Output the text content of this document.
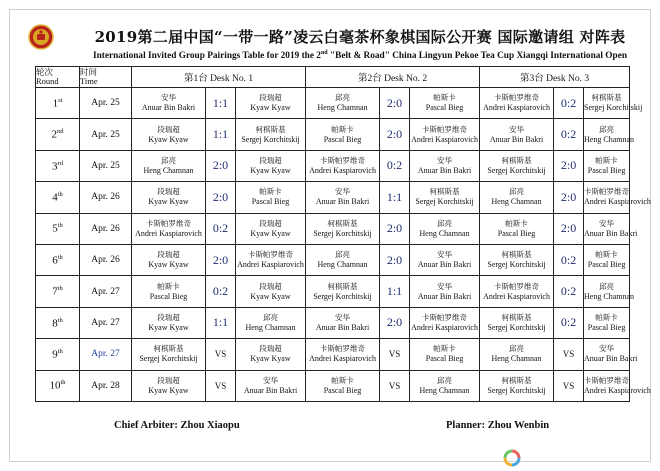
2019第二届中国“一带一路”凌云白毫茶杯象棋国际公开赛 国际邀请组 对阵表
International Invited Group Pairings Table for 2019 the 2nd "Belt & Road" China Lingyun Pekoe Tea Cup Xiangqi International Open
轮次
Round	时间
Time	第1台 Desk No. 1			第2台 Desk No. 2			第3台 Desk No. 3		
1st	Apr. 25	安华
Anuar Bin Bakri	1:1	段瑞超
Kyaw Kyaw	邱亮
Heng Chamnan	2:0	帕斯卡
Pascal Bieg	卡斯帕罗维奇
Andrei Kaspiarovich	0:2	柯棋斯基
Sergej Korchitskij

2nd	Apr. 25	段瑞超
Kyaw Kyaw	1:1	柯棋斯基
Sergej Korchitskij	帕斯卡
Pascal Bieg	2:0	卡斯帕罗维奇
Andrei Kaspiarovich	安华
Anuar Bin Bakri	0:2	邱亮
Heng Chamnan

3rd	Apr. 25	邱亮
Heng Chamnan	2:0	段瑞超
Kyaw Kyaw	卡斯帕罗维奇
Andrei Kaspiarovich	0:2	安华
Anuar Bin Bakri	柯棋斯基
Sergej Korchitskij	2:0	帕斯卡
Pascal Bieg

4th	Apr. 26	段瑞超
Kyaw Kyaw	2:0	帕斯卡
Pascal Bieg	安华
Anuar Bin Bakri	1:1	柯棋斯基
Sergej Korchitskij	邱亮
Heng Chamnan	2:0	卡斯帕罗维奇
Andrei Kaspiarovich

5th	Apr. 26	卡斯帕罗维奇
Andrei Kaspiarovich	0:2	段瑞超
Kyaw Kyaw	柯棋斯基
Sergej Korchitskij	2:0	邱亮
Heng Chamnan	帕斯卡
Pascal Bieg	2:0	安华
Anuar Bin Bakri

6th	Apr. 26	段瑞超
Kyaw Kyaw	2:0	卡斯帕罗维奇
Andrei Kaspiarovich	邱亮
Heng Chamnan	2:0	安华
Anuar Bin Bakri	柯棋斯基
Sergej Korchitskij	0:2	帕斯卡
Pascal Bieg

7th	Apr. 27	帕斯卡
Pascal Bieg	0:2	段瑞超
Kyaw Kyaw	柯棋斯基
Sergej Korchitskij	1:1	安华
Anuar Bin Bakri	卡斯帕罗维奇
Andrei Kaspiarovich	0:2	邱亮
Heng Chamnan

8th	Apr. 27	段瑞超
Kyaw Kyaw	1:1	邱亮
Heng Chamnan	安华
Anuar Bin Bakri	2:0	卡斯帕罗维奇
Andrei Kaspiarovich	柯棋斯基
Sergej Korchitskij	0:2	帕斯卡
Pascal Bieg

9th	Apr. 27	柯棋斯基
Sergej Korchitskij	VS	段瑞超
Kyaw Kyaw	卡斯帕罗维奇
Andrei Kaspiarovich	VS	帕斯卡
Pascal Bieg	邱亮
Heng Chamnan	VS	安华
Anuar Bin Bakri

10th	Apr. 28	段瑞超
Kyaw Kyaw	VS	安华
Anuar Bin Bakri	帕斯卡
Pascal Bieg	VS	邱亮
Heng Chamnan	柯棋斯基
Sergej Korchitskij	VS	卡斯帕罗维奇
Andrei Kaspiarovich
Chief Arbiter: Zhou Xiaopu	Planner: Zhou Wenbin
